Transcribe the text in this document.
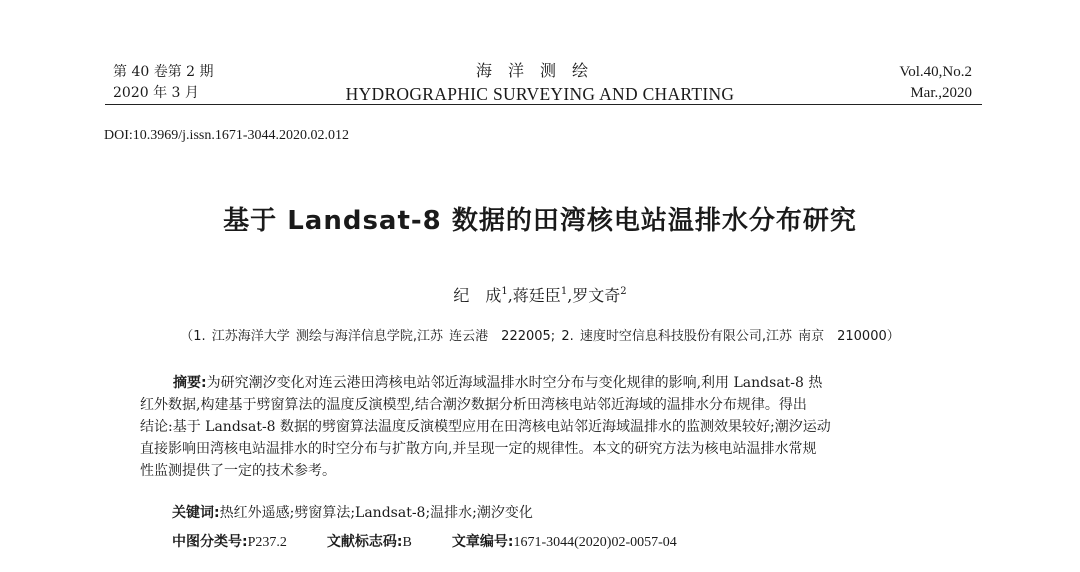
第 40 卷第 2 期
2020 年 3 月
海洋测绘
HYDROGRAPHIC SURVEYING AND CHARTING
Vol.40,No.2
Mar.,2020
DOI:10.3969/j.issn.1671-3044.2020.02.012
基于 Landsat-8 数据的田湾核电站温排水分布研究
纪　成$^1$,蒋廷臣$^1$,罗文奇$^2$
（1. 江苏海洋大学 测绘与海洋信息学院,江苏 连云港　222005; 2. 速度时空信息科技股份有限公司,江苏 南京　210000）
摘要:为研究潮汐变化对连云港田湾核电站邻近海域温排水时空分布与变化规律的影响,利用 Landsat-8 热
红外数据,构建基于劈窗算法的温度反演模型,结合潮汐数据分析田湾核电站邻近海域的温排水分布规律。得出
结论:基于 Landsat-8 数据的劈窗算法温度反演模型应用在田湾核电站邻近海域温排水的监测效果较好;潮汐运动
直接影响田湾核电站温排水的时空分布与扩散方向,并呈现一定的规律性。本文的研究方法为核电站温排水常规
性监测提供了一定的技术参考。
关键词:热红外遥感;劈窗算法;Landsat-8;温排水;潮汐变化
中图分类号:P237.2	文献标志码:B	文章编号:1671-3044(2020)02-0057-04
